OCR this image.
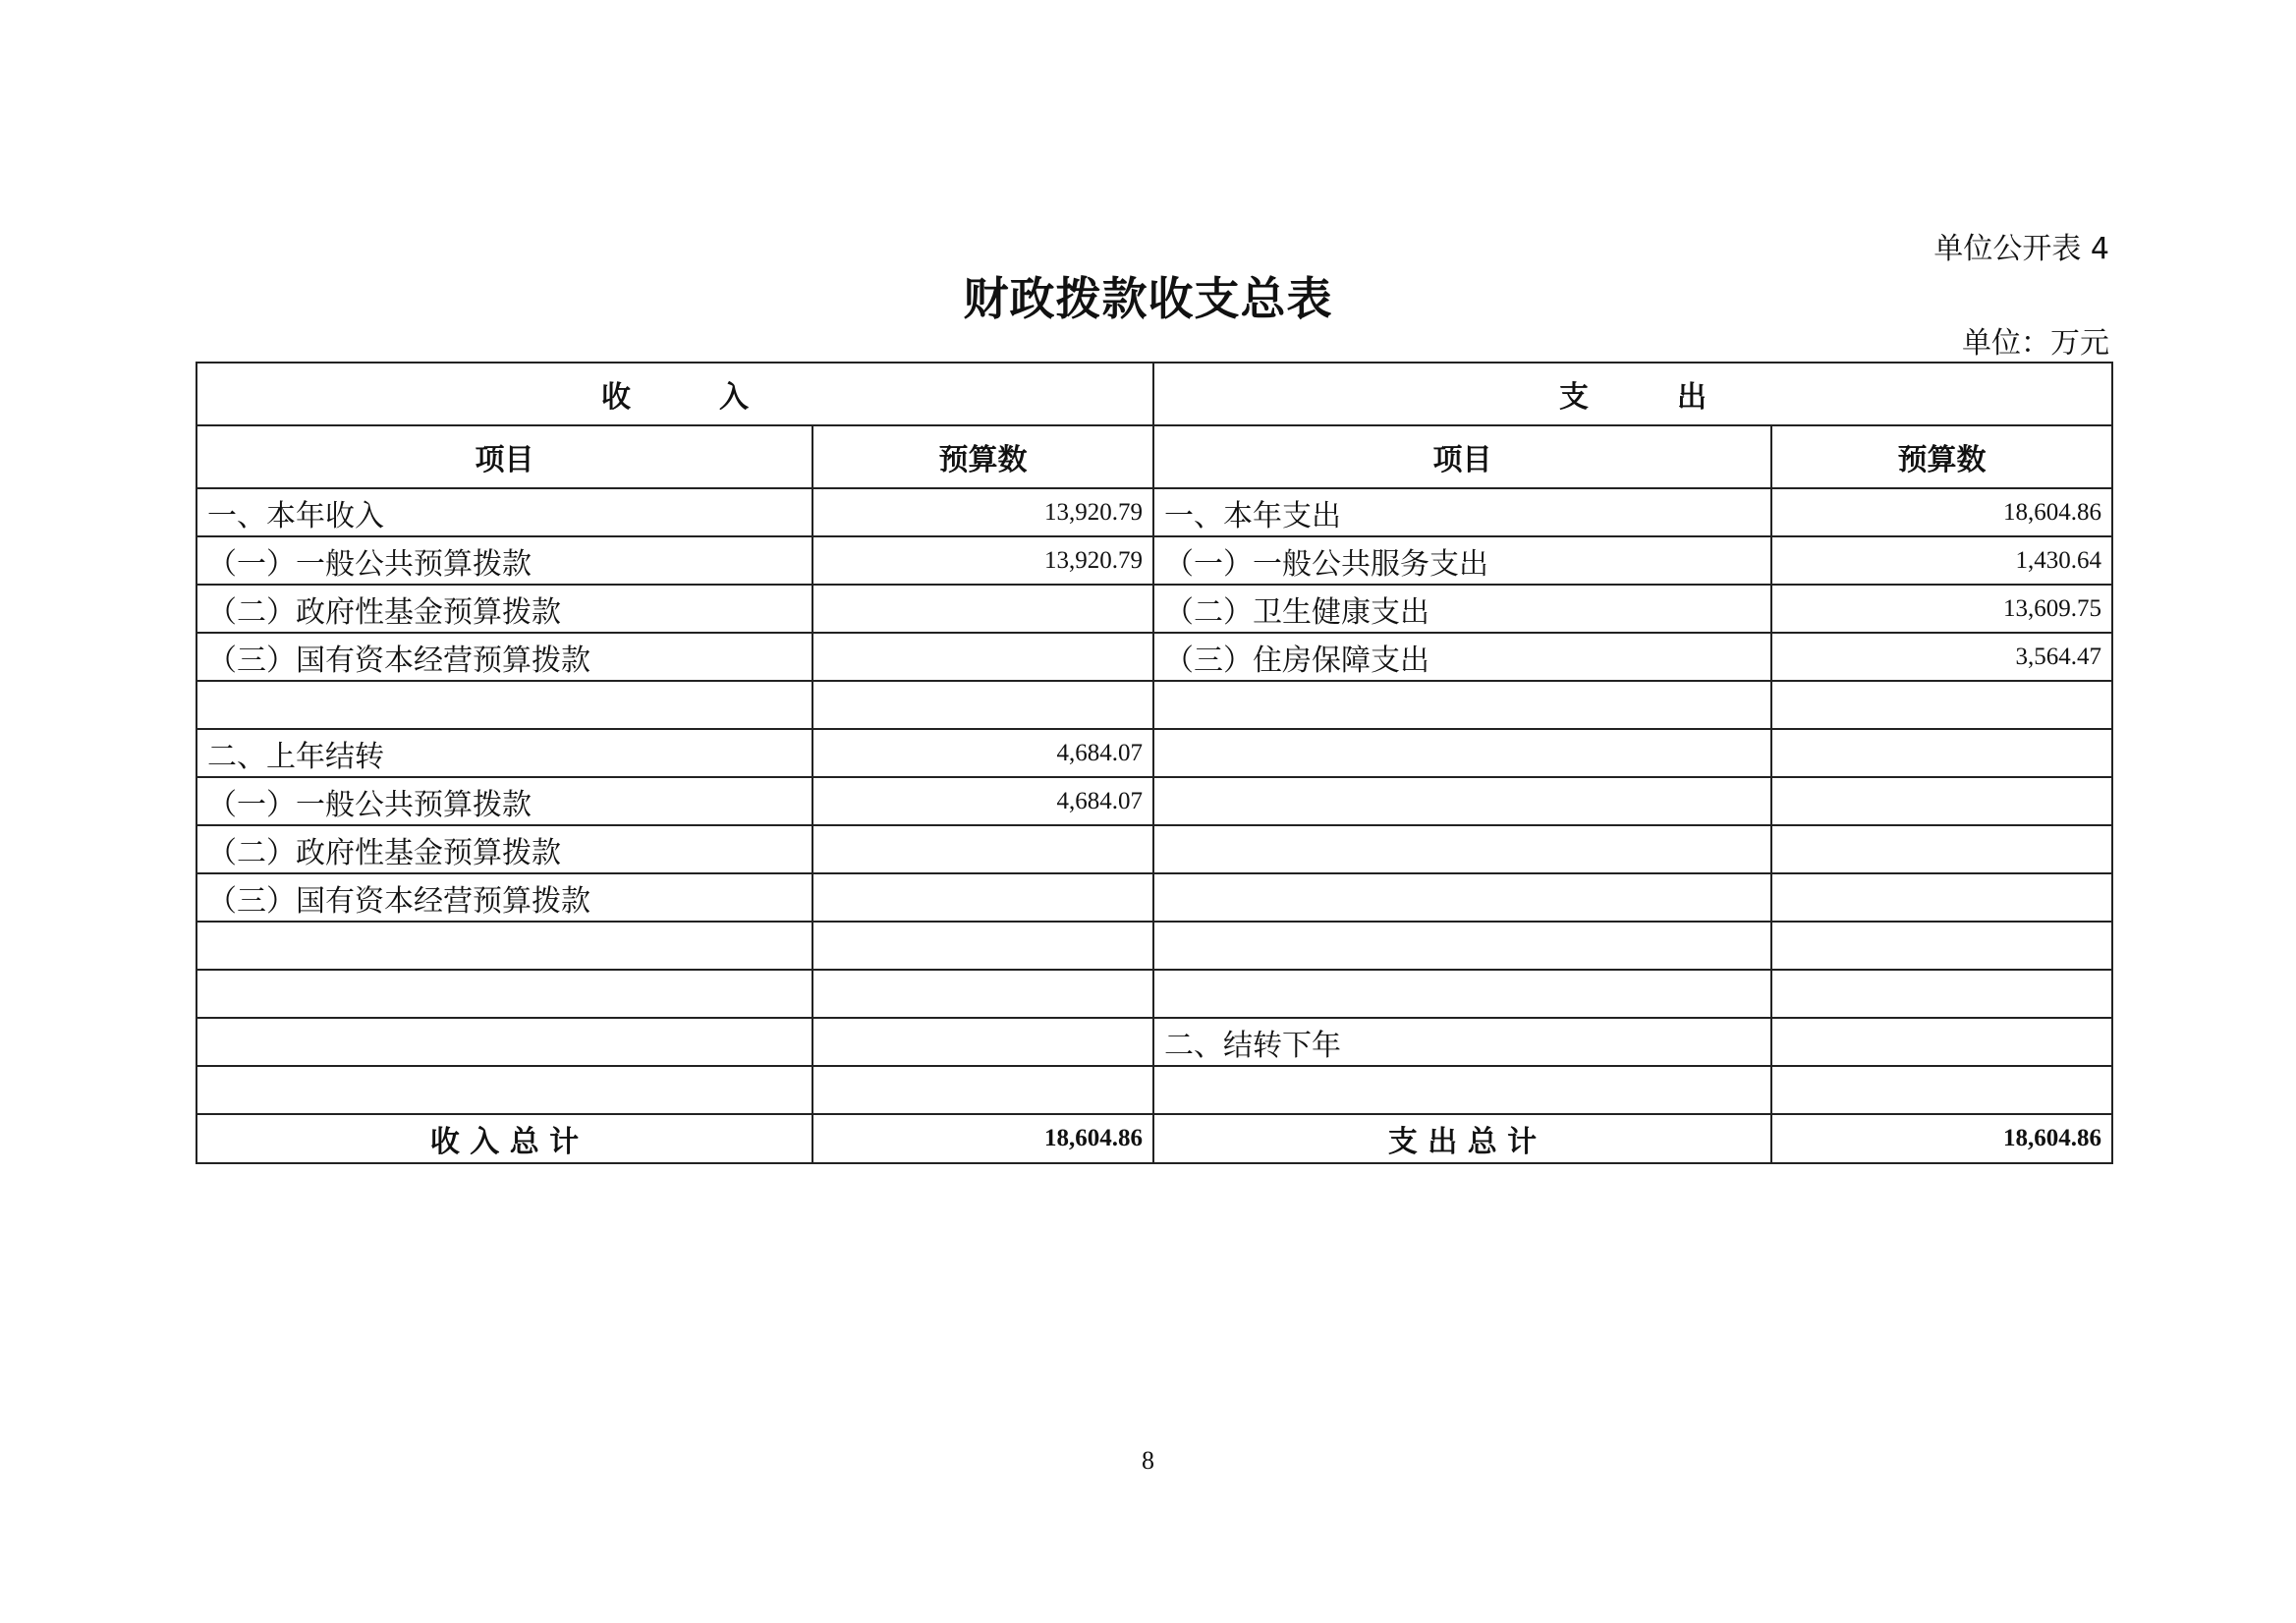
单位公开表 4
财政拨款收支总表
单位：万元
收　　　入		支　　　出	
项目	预算数	项目	预算数
一、本年收入	13,920.79	一、本年支出	18,604.86
（一）一般公共预算拨款	13,920.79	（一）一般公共服务支出	1,430.64
（二）政府性基金预算拨款		（二）卫生健康支出	13,609.75
（三）国有资本经营预算拨款		（三）住房保障支出	3,564.47

二、上年结转	4,684.07		
（一）一般公共预算拨款	4,684.07		
（二）政府性基金预算拨款			
（三）国有资本经营预算拨款			

		二、结转下年	

收 入 总 计	18,604.86	支 出 总 计	18,604.86
8
